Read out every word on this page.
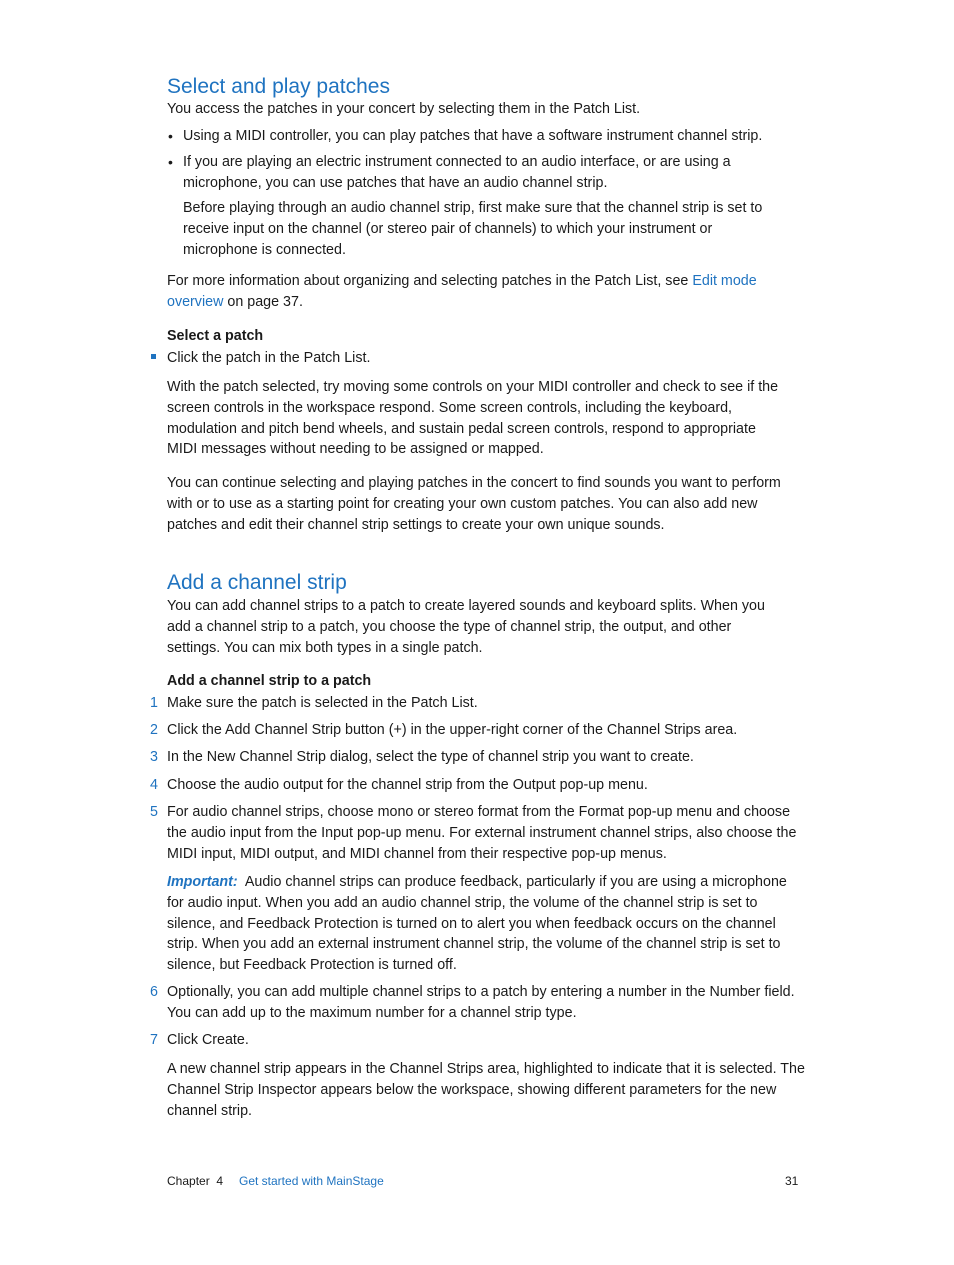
Select and play patches

You access the patches in your concert by selecting them in the Patch List.

• Using a MIDI controller, you can play patches that have a software instrument channel strip.

• If you are playing an electric instrument connected to an audio interface, or are using a microphone, you can use patches that have an audio channel strip.

Before playing through an audio channel strip, first make sure that the channel strip is set to receive input on the channel (or stereo pair of channels) to which your instrument or microphone is connected.

For more information about organizing and selecting patches in the Patch List, see Edit mode overview on page 37.

Select a patch

Click the patch in the Patch List.

With the patch selected, try moving some controls on your MIDI controller and check to see if the screen controls in the workspace respond. Some screen controls, including the keyboard, modulation and pitch bend wheels, and sustain pedal screen controls, respond to appropriate MIDI messages without needing to be assigned or mapped.

You can continue selecting and playing patches in the concert to find sounds you want to perform with or to use as a starting point for creating your own custom patches. You can also add new patches and edit their channel strip settings to create your own unique sounds.

Add a channel strip

You can add channel strips to a patch to create layered sounds and keyboard splits. When you add a channel strip to a patch, you choose the type of channel strip, the output, and other settings. You can mix both types in a single patch.

Add a channel strip to a patch

1 Make sure the patch is selected in the Patch List.

2 Click the Add Channel Strip button (+) in the upper-right corner of the Channel Strips area.

3 In the New Channel Strip dialog, select the type of channel strip you want to create.

4 Choose the audio output for the channel strip from the Output pop-up menu.

5 For audio channel strips, choose mono or stereo format from the Format pop-up menu and choose the audio input from the Input pop-up menu. For external instrument channel strips, also choose the MIDI input, MIDI output, and MIDI channel from their respective pop-up menus.

Important: Audio channel strips can produce feedback, particularly if you are using a microphone for audio input. When you add an audio channel strip, the volume of the channel strip is set to silence, and Feedback Protection is turned on to alert you when feedback occurs on the channel strip. When you add an external instrument channel strip, the volume of the channel strip is set to silence, but Feedback Protection is turned off.

6 Optionally, you can add multiple channel strips to a patch by entering a number in the Number field. You can add up to the maximum number for a channel strip type.

7 Click Create.

A new channel strip appears in the Channel Strips area, highlighted to indicate that it is selected. The Channel Strip Inspector appears below the workspace, showing different parameters for the new channel strip.

Chapter  4 Get started with MainStage	31
